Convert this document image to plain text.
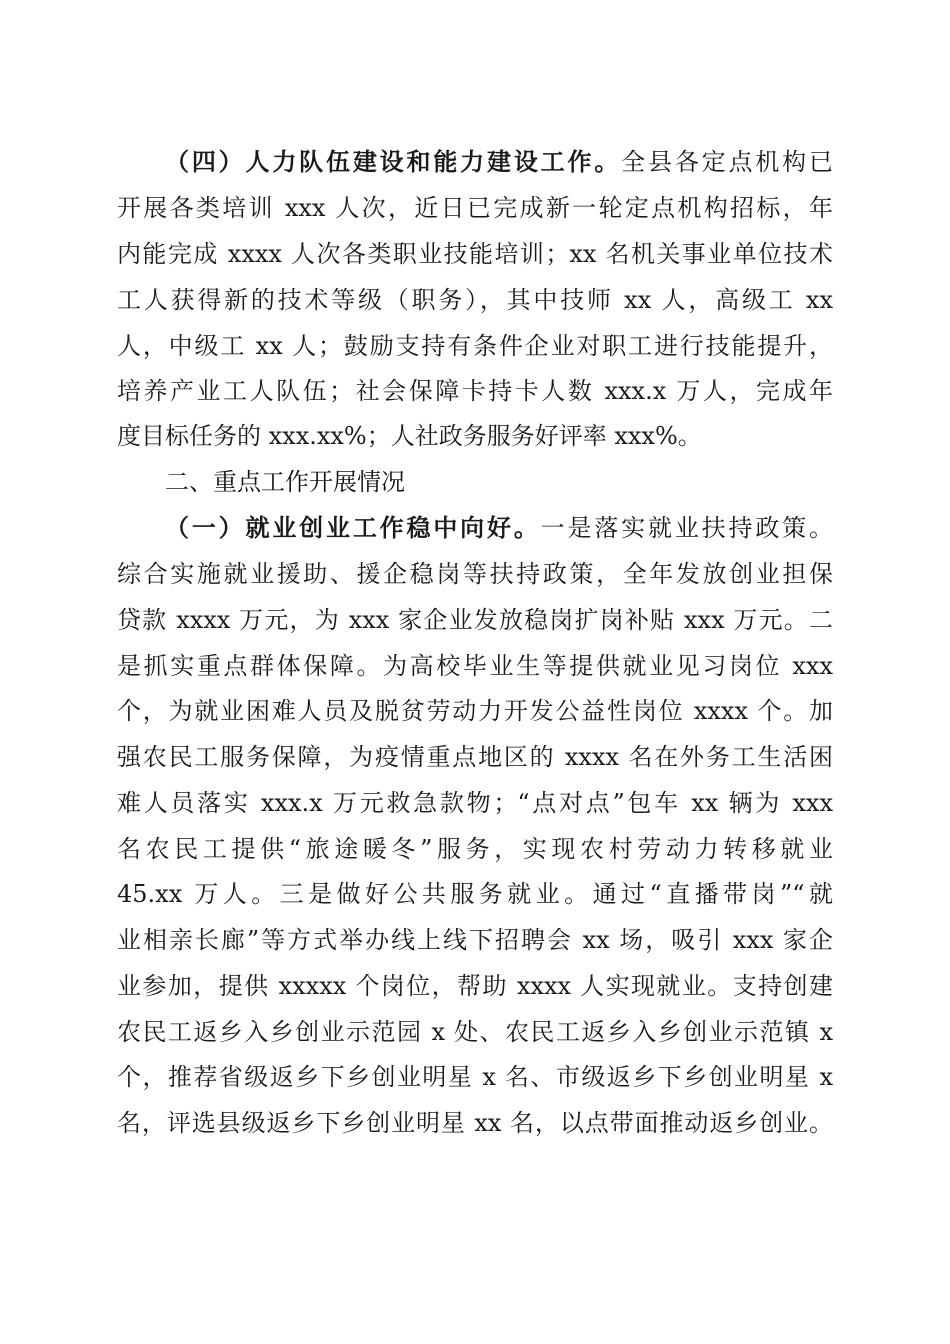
（四）人力队伍建设和能力建设工作。全县各定点机构已
开展各类培训 xxx 人次，近日已完成新一轮定点机构招标，年
内能完成 xxxx 人次各类职业技能培训；xx 名机关事业单位技术
工人获得新的技术等级（职务），其中技师 xx 人，高级工 xx
人，中级工 xx 人；鼓励支持有条件企业对职工进行技能提升，
培养产业工人队伍；社会保障卡持卡人数 xxx.x 万人，完成年
度目标任务的 xxx.xx%；人社政务服务好评率 xxx%。
二、重点工作开展情况
（一）就业创业工作稳中向好。一是落实就业扶持政策。
综合实施就业援助、援企稳岗等扶持政策，全年发放创业担保
贷款 xxxx 万元，为 xxx 家企业发放稳岗扩岗补贴 xxx 万元。二
是抓实重点群体保障。为高校毕业生等提供就业见习岗位 xxx
个，为就业困难人员及脱贫劳动力开发公益性岗位 xxxx 个。加
强农民工服务保障，为疫情重点地区的 xxxx 名在外务工生活困
难人员落实 xxx.x 万元救急款物；“点对点”包车 xx 辆为 xxx
名农民工提供“旅途暖冬”服务，实现农村劳动力转移就业
45.xx 万人。三是做好公共服务就业。通过“直播带岗”“就
业相亲长廊”等方式举办线上线下招聘会 xx 场，吸引 xxx 家企
业参加，提供 xxxxx 个岗位，帮助 xxxx 人实现就业。支持创建
农民工返乡入乡创业示范园 x 处、农民工返乡入乡创业示范镇 x
个，推荐省级返乡下乡创业明星 x 名、市级返乡下乡创业明星 x
名，评选县级返乡下乡创业明星 xx 名，以点带面推动返乡创业。
